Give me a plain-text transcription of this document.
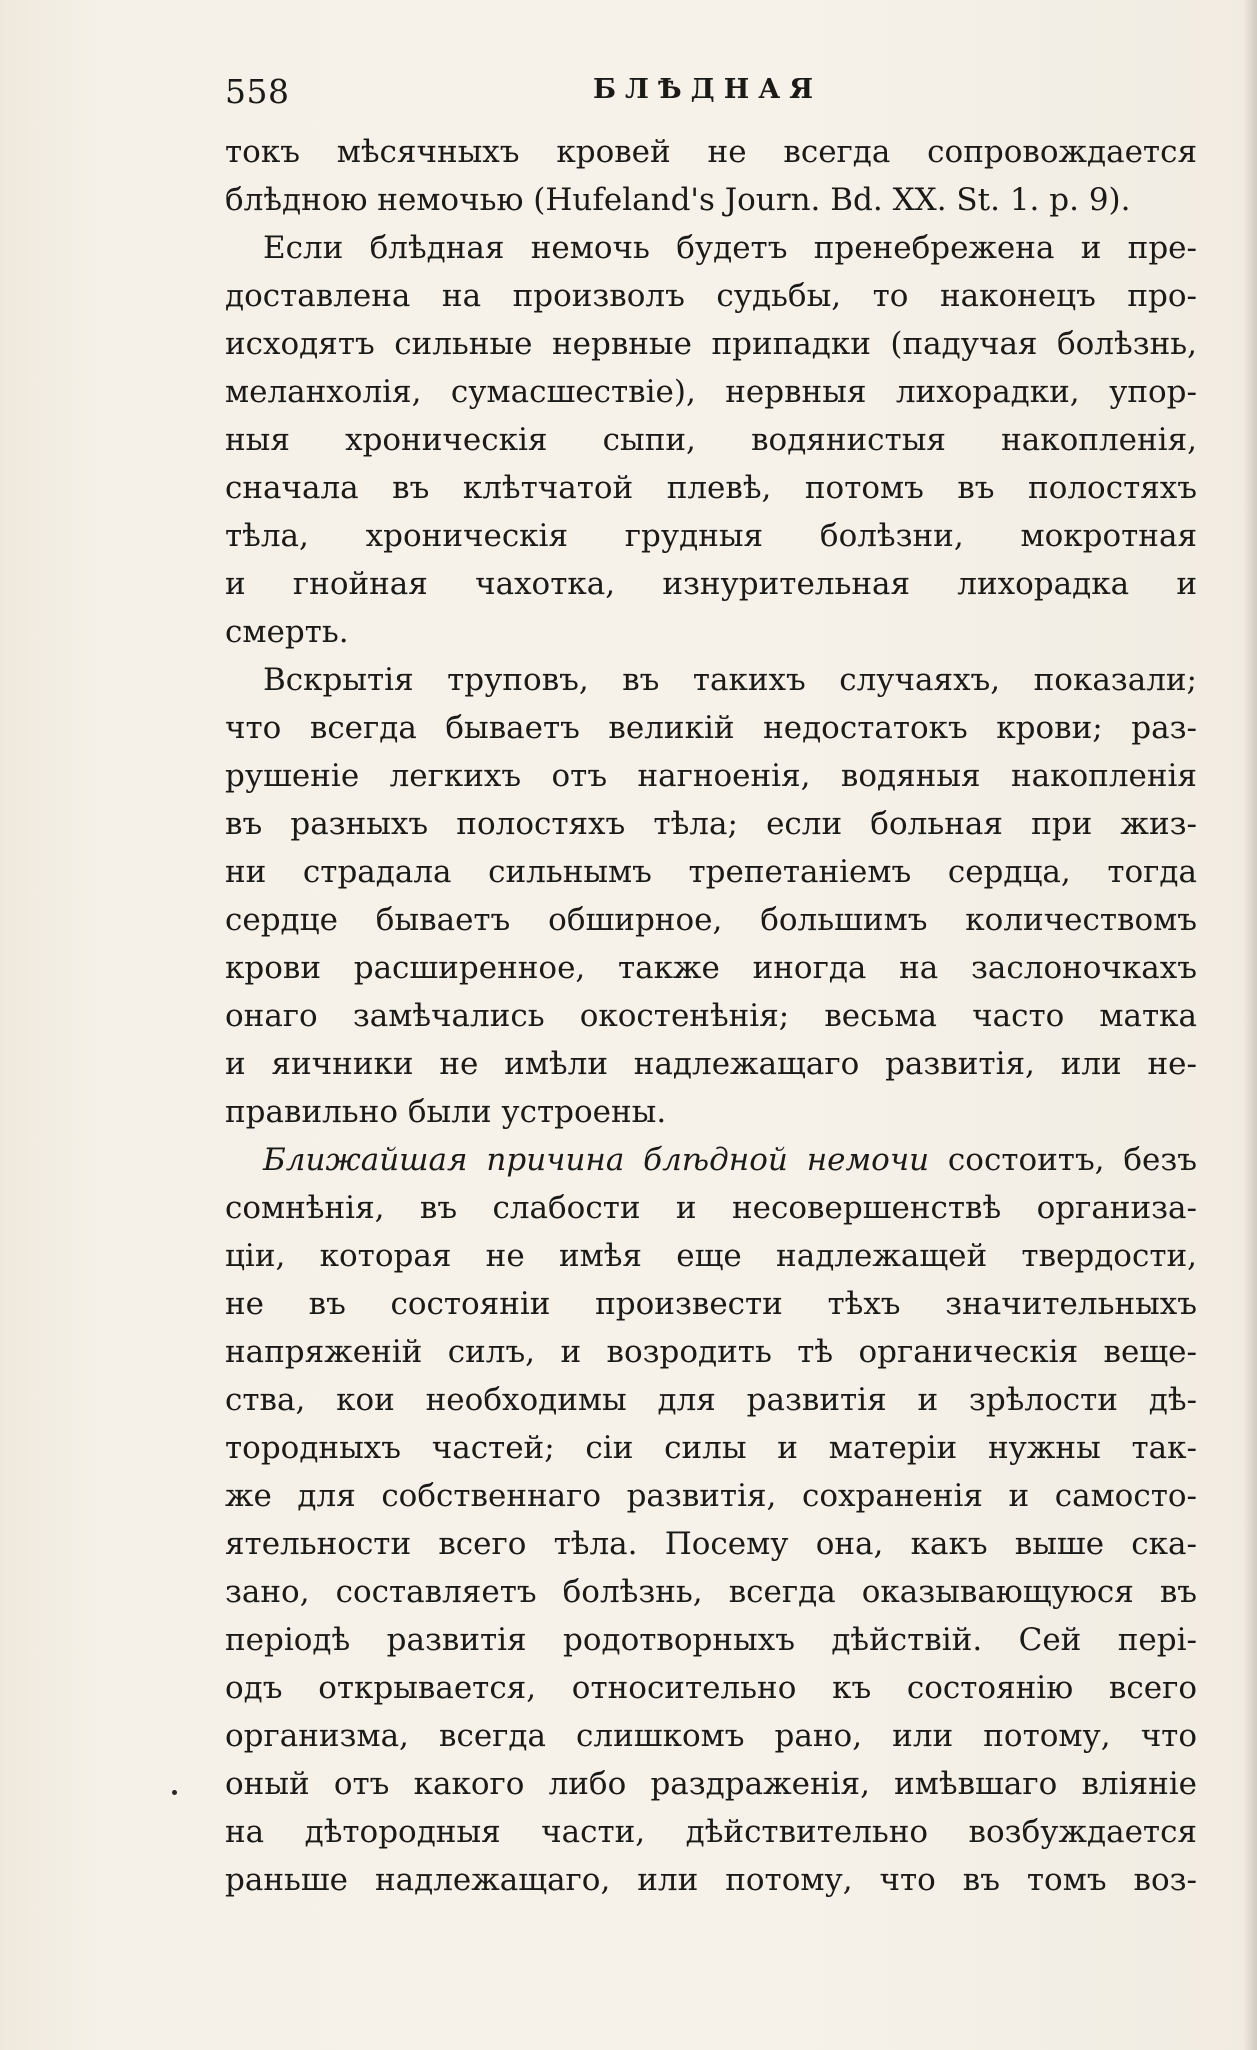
558	БЛѢДНАЯ
токъ мѣсячныхъ кровей не всегда сопровождается
блѣдною немочью (Hufeland's Journ. Bd. XX. St. 1. p. 9).
Если блѣдная немочь будетъ пренебрежена и пре-
доставлена на произволъ судьбы, то наконецъ про-
исходятъ сильные нервные припадки (падучая болѣзнь,
меланхолія, сумасшествіе), нервныя лихорадки, упор-
ныя хроническія сыпи, водянистыя накопленія,
сначала въ клѣтчатой плевѣ, потомъ въ полостяхъ
тѣла, хроническія грудныя болѣзни, мокротная
и гнойная чахотка, изнурительная лихорадка и
смерть.
Вскрытія труповъ, въ такихъ случаяхъ, показали;
что всегда бываетъ великій недостатокъ крови; раз-
рушеніе легкихъ отъ нагноенія, водяныя накопленія
въ разныхъ полостяхъ тѣла; если больная при жиз-
ни страдала сильнымъ трепетаніемъ сердца, тогда
сердце бываетъ обширное, большимъ количествомъ
крови расширенное, также иногда на заслоночкахъ
онаго замѣчались окостенѣнія; весьма часто матка
и яичники не имѣли надлежащаго развитія, или не-
правильно были устроены.
Ближайшая причина блѣдной немочи состоитъ, безъ
сомнѣнія, въ слабости и несовершенствѣ организа-
ціи, которая не имѣя еще надлежащей твердости,
не въ состояніи произвести тѣхъ значительныхъ
напряженій силъ, и возродить тѣ органическія веще-
ства, кои необходимы для развитія и зрѣлости дѣ-
тородныхъ частей; сіи силы и матеріи нужны так-
же для собственнаго развитія, сохраненія и самосто-
ятельности всего тѣла. Посему она, какъ выше ска-
зано, составляетъ болѣзнь, всегда оказывающуюся въ
періодѣ развитія родотворныхъ дѣйствій. Сей пері-
одъ открывается, относительно къ состоянію всего
организма, всегда слишкомъ рано, или потому, что
оный отъ какого либо раздраженія, имѣвшаго вліяніе
на дѣтородныя части, дѣйствительно возбуждается
раньше надлежащаго, или потому, что въ томъ воз-
